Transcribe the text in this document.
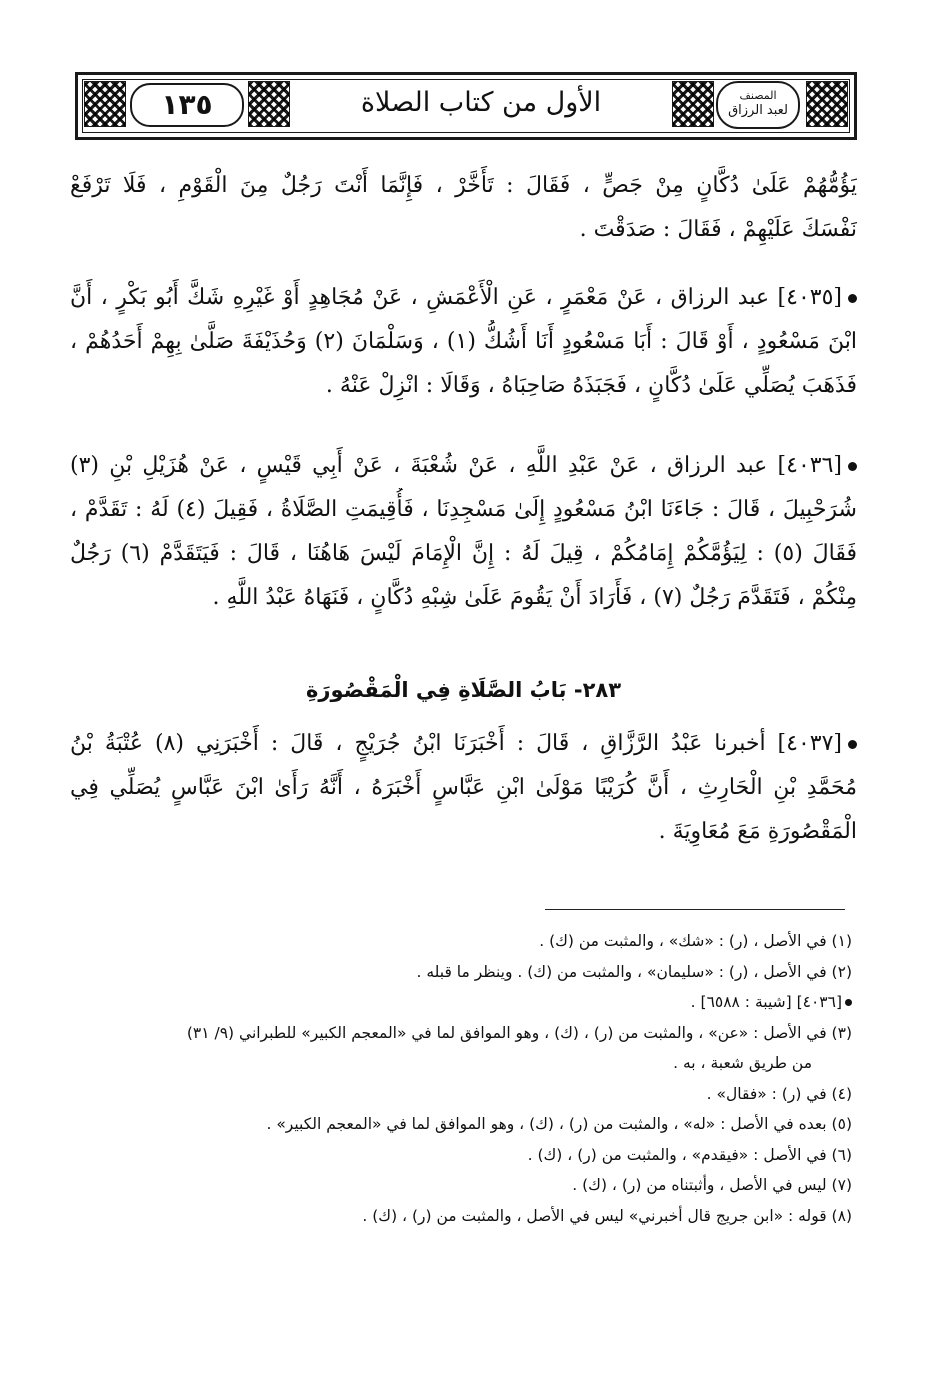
١٣٥	الأول من كتاب الصلاة	المصنف
لعبد الرزاق
يَؤُمُّهُمْ عَلَىٰ دُكَّانٍ مِنْ جَصٍّ ، فَقَالَ : تَأَخَّرْ ، فَإِنَّمَا أَنْتَ رَجُلٌ مِنَ الْقَوْمِ ، فَلَا تَرْفَعْ
نَفْسَكَ عَلَيْهِمْ ، فَقَالَ : صَدَقْتَ .
[٤٠٣٥] عبد الرزاق ، عَنْ مَعْمَرٍ ، عَنِ الْأَعْمَشِ ، عَنْ مُجَاهِدٍ أَوْ غَيْرِهِ شَكَّ أَبُو بَكْرٍ ، أَنَّ
ابْنَ مَسْعُودٍ ، أَوْ قَالَ : أَبَا مَسْعُودٍ أَنَا أَشُكُّ (١) ، وَسَلْمَانَ (٢) وَحُذَيْفَةَ صَلَّىٰ بِهِمْ أَحَدُهُمْ ،
فَذَهَبَ يُصَلِّي عَلَىٰ دُكَّانٍ ، فَجَبَذَهُ صَاحِبَاهُ ، وَقَالَا : انْزِلْ عَنْهُ .
[٤٠٣٦] عبد الرزاق ، عَنْ عَبْدِ اللَّهِ ، عَنْ شُعْبَةَ ، عَنْ أَبِي قَيْسٍ ، عَنْ هُزَيْلِ بْنِ (٣)
شُرَحْبِيلَ ، قَالَ : جَاءَنَا ابْنُ مَسْعُودٍ إِلَىٰ مَسْجِدِنَا ، فَأُقِيمَتِ الصَّلَاةُ ، فَقِيلَ (٤) لَهُ : تَقَدَّمْ ،
فَقَالَ (٥) : لِيَؤُمَّكُمْ إِمَامُكُمْ ، قِيلَ لَهُ : إِنَّ الْإِمَامَ لَيْسَ هَاهُنَا ، قَالَ : فَيَتَقَدَّمْ (٦) رَجُلٌ
مِنْكُمْ ، فَتَقَدَّمَ رَجُلٌ (٧) ، فَأَرَادَ أَنْ يَقُومَ عَلَىٰ شِبْهِ دُكَّانٍ ، فَنَهَاهُ عَبْدُ اللَّهِ .
٢٨٣- بَابُ الصَّلَاةِ فِي الْمَقْصُورَةِ
[٤٠٣٧] أخبرنا عَبْدُ الرَّزَّاقِ ، قَالَ : أَخْبَرَنَا ابْنُ جُرَيْجٍ ، قَالَ : أَخْبَرَنِي (٨) عُتْبَةُ بْنُ
مُحَمَّدِ بْنِ الْحَارِثِ ، أَنَّ كُرَيْبًا مَوْلَىٰ ابْنِ عَبَّاسٍ أَخْبَرَهُ ، أَنَّهُ رَأَىٰ ابْنَ عَبَّاسٍ يُصَلِّي فِي
الْمَقْصُورَةِ مَعَ مُعَاوِيَةَ .
(١) في الأصل ، (ر) : «شك» ، والمثبت من (ك) .
(٢) في الأصل ، (ر) : «سليمان» ، والمثبت من (ك) . وينظر ما قبله .
[٤٠٣٦] [شيبة : ٦٥٨٨] .
(٣) في الأصل : «عن» ، والمثبت من (ر) ، (ك) ، وهو الموافق لما في «المعجم الكبير» للطبراني (٩/ ٣١)
من طريق شعبة ، به .
(٤) في (ر) : «فقال» .
(٥) بعده في الأصل : «له» ، والمثبت من (ر) ، (ك) ، وهو الموافق لما في «المعجم الكبير» .
(٦) في الأصل : «فيقدم» ، والمثبت من (ر) ، (ك) .
(٧) ليس في الأصل ، وأثبتناه من (ر) ، (ك) .
(٨) قوله : «ابن جريج قال أخبرني» ليس في الأصل ، والمثبت من (ر) ، (ك) .
